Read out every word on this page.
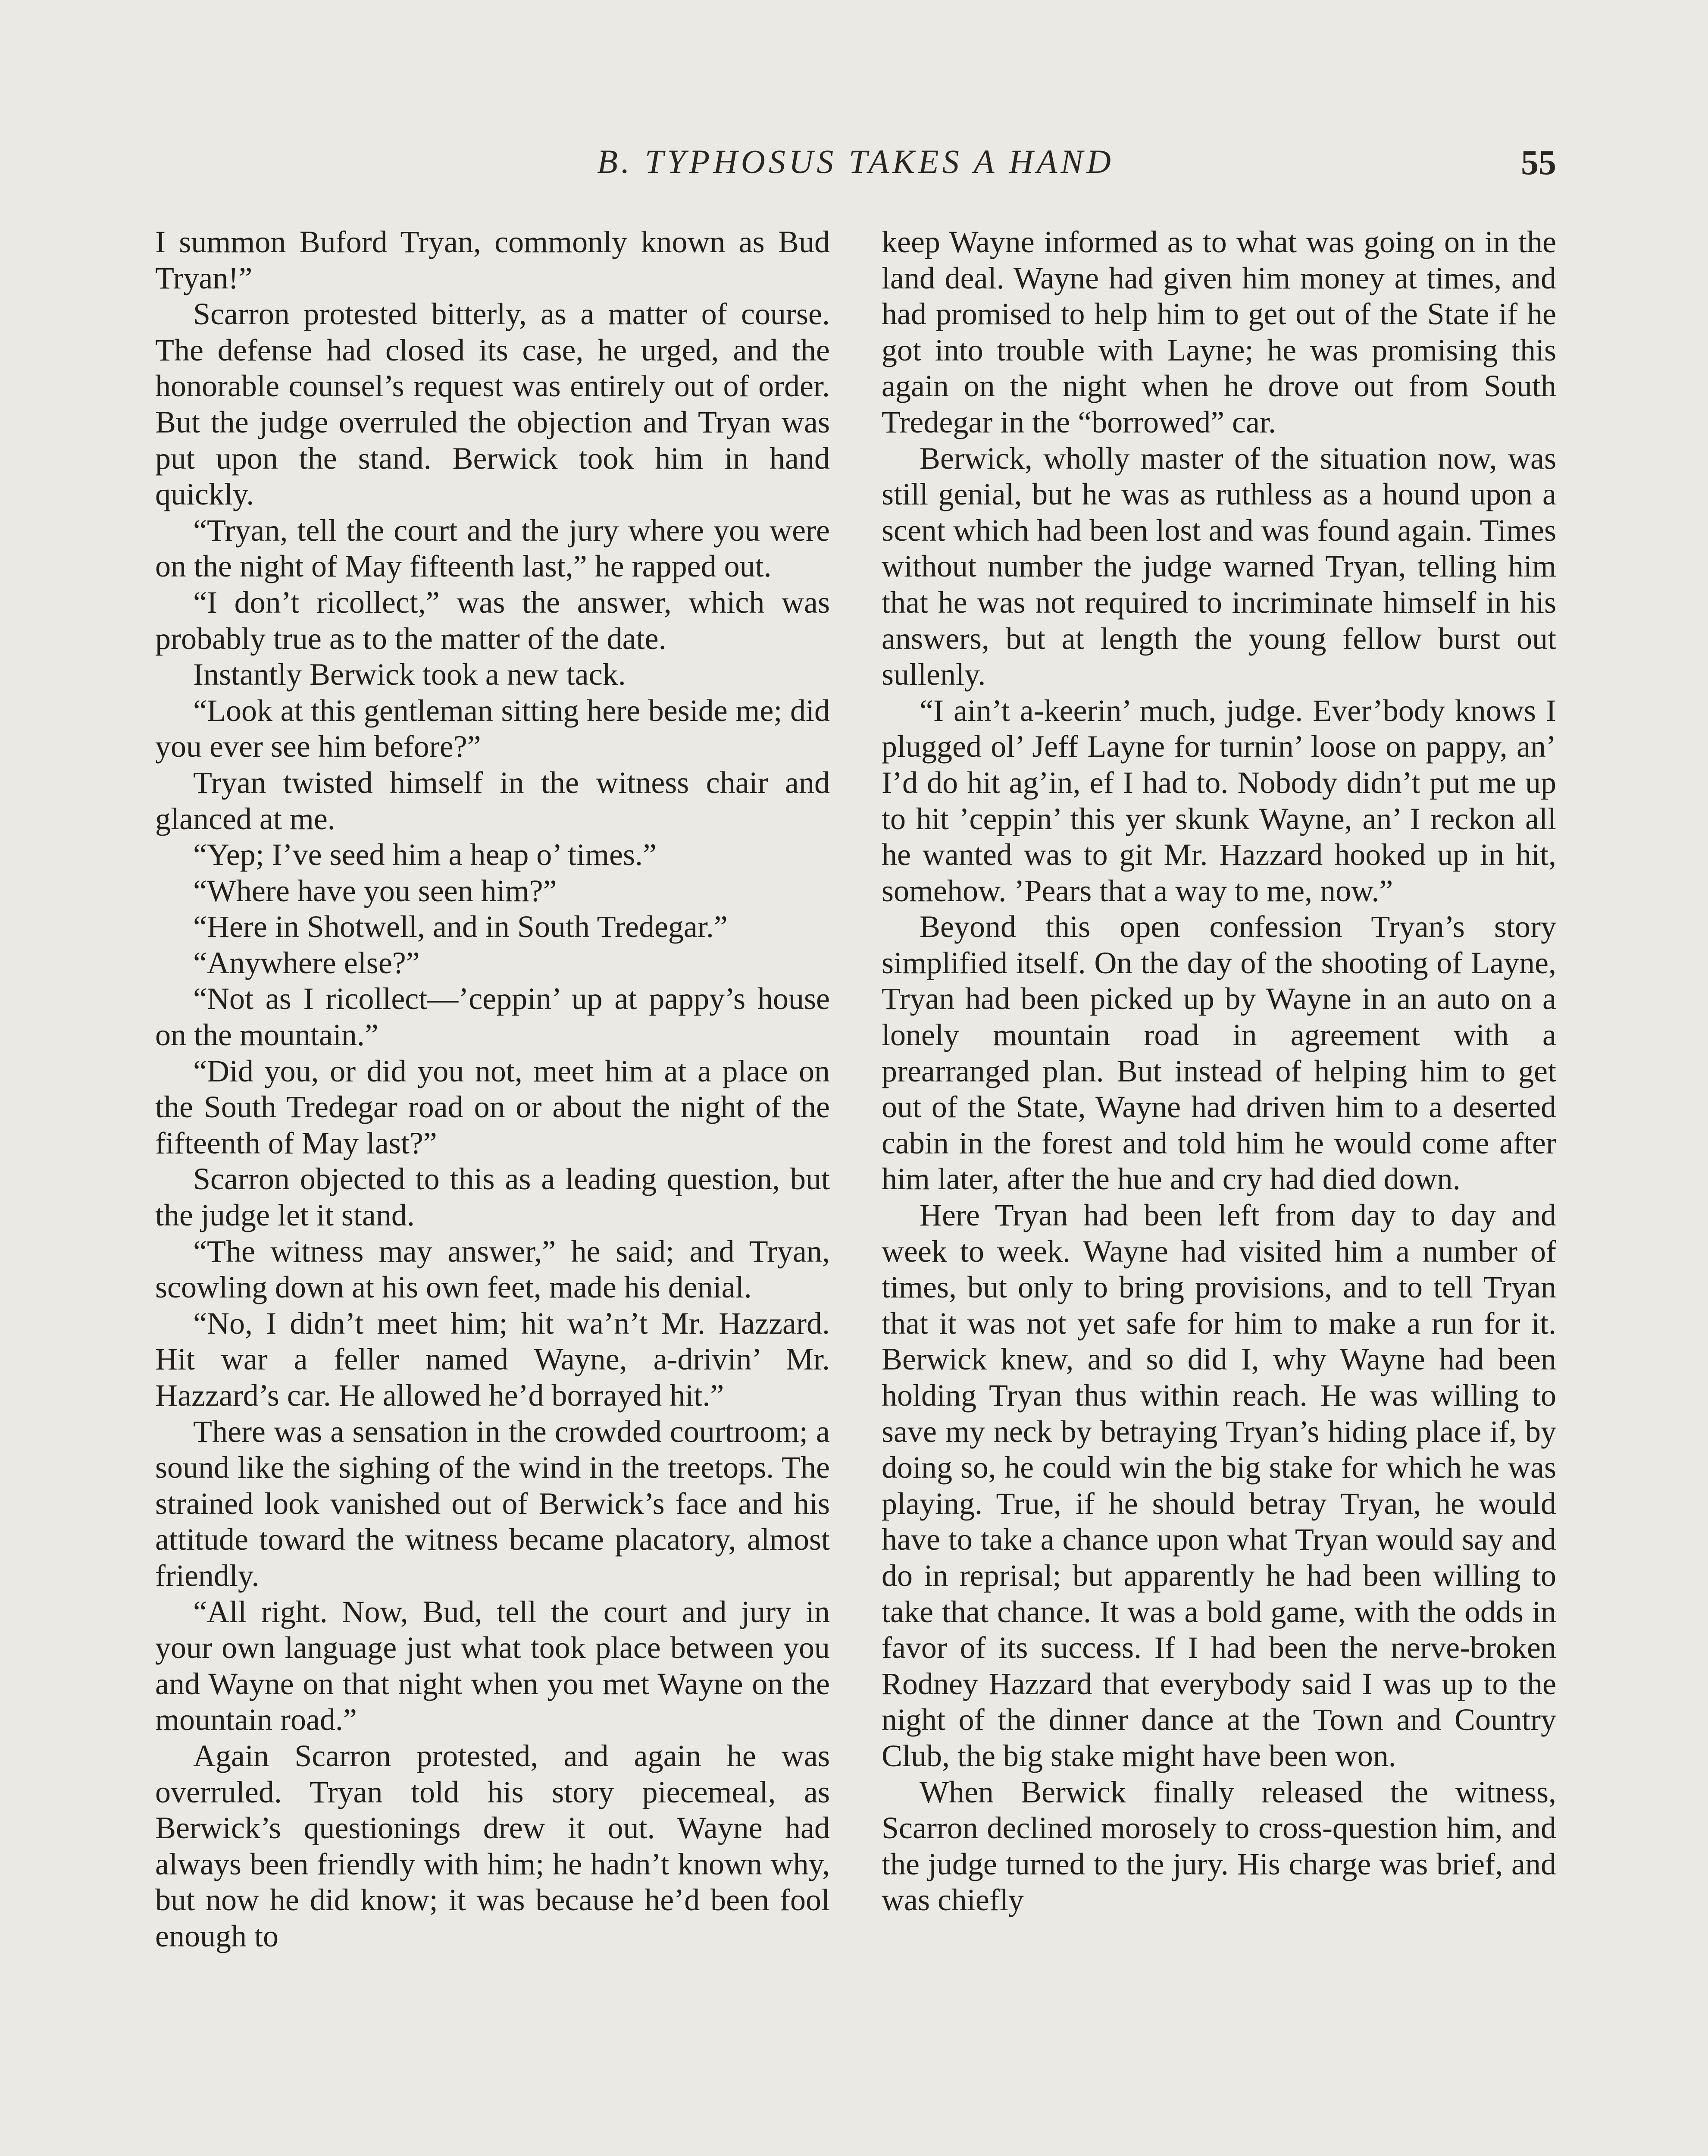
B. TYPHOSUS TAKES A HAND	55

I summon Buford Tryan, commonly known as Bud Tryan!”

Scarron protested bitterly, as a matter of course. The defense had closed its case, he urged, and the honorable counsel’s request was entirely out of order. But the judge overruled the objection and Tryan was put upon the stand. Berwick took him in hand quickly.

“Tryan, tell the court and the jury where you were on the night of May fifteenth last,” he rapped out.

“I don’t ricollect,” was the answer, which was probably true as to the matter of the date.

Instantly Berwick took a new tack.

“Look at this gentleman sitting here beside me; did you ever see him before?”

Tryan twisted himself in the witness chair and glanced at me.

“Yep; I’ve seed him a heap o’ times.”

“Where have you seen him?”

“Here in Shotwell, and in South Tredegar.”

“Anywhere else?”

“Not as I ricollect—’ceppin’ up at pappy’s house on the mountain.”

“Did you, or did you not, meet him at a place on the South Tredegar road on or about the night of the fifteenth of May last?”

Scarron objected to this as a leading question, but the judge let it stand.

“The witness may answer,” he said; and Tryan, scowling down at his own feet, made his denial.

“No, I didn’t meet him; hit wa’n’t Mr. Hazzard. Hit war a feller named Wayne, a-drivin’ Mr. Hazzard’s car. He allowed he’d borrayed hit.”

There was a sensation in the crowded courtroom; a sound like the sighing of the wind in the treetops. The strained look vanished out of Berwick’s face and his attitude toward the witness became placatory, almost friendly.

“All right. Now, Bud, tell the court and jury in your own language just what took place between you and Wayne on that night when you met Wayne on the mountain road.”

Again Scarron protested, and again he was overruled. Tryan told his story piecemeal, as Berwick’s questionings drew it out. Wayne had always been friendly with him; he hadn’t known why, but now he did know; it was because he’d been fool enough to

keep Wayne informed as to what was going on in the land deal. Wayne had given him money at times, and had promised to help him to get out of the State if he got into trouble with Layne; he was promising this again on the night when he drove out from South Tredegar in the “borrowed” car.

Berwick, wholly master of the situation now, was still genial, but he was as ruthless as a hound upon a scent which had been lost and was found again. Times without number the judge warned Tryan, telling him that he was not required to incriminate himself in his answers, but at length the young fellow burst out sullenly.

“I ain’t a-keerin’ much, judge. Ever’body knows I plugged ol’ Jeff Layne for turnin’ loose on pappy, an’ I’d do hit ag’in, ef I had to. Nobody didn’t put me up to hit ’ceppin’ this yer skunk Wayne, an’ I reckon all he wanted was to git Mr. Hazzard hooked up in hit, somehow. ’Pears that a way to me, now.”

Beyond this open confession Tryan’s story simplified itself. On the day of the shooting of Layne, Tryan had been picked up by Wayne in an auto on a lonely mountain road in agreement with a prearranged plan. But instead of helping him to get out of the State, Wayne had driven him to a deserted cabin in the forest and told him he would come after him later, after the hue and cry had died down.

Here Tryan had been left from day to day and week to week. Wayne had visited him a number of times, but only to bring provisions, and to tell Tryan that it was not yet safe for him to make a run for it. Berwick knew, and so did I, why Wayne had been holding Tryan thus within reach. He was willing to save my neck by betraying Tryan’s hiding place if, by doing so, he could win the big stake for which he was playing. True, if he should betray Tryan, he would have to take a chance upon what Tryan would say and do in reprisal; but apparently he had been willing to take that chance. It was a bold game, with the odds in favor of its success. If I had been the nerve-broken Rodney Hazzard that everybody said I was up to the night of the dinner dance at the Town and Country Club, the big stake might have been won.

When Berwick finally released the witness, Scarron declined morosely to cross-question him, and the judge turned to the jury. His charge was brief, and was chiefly
